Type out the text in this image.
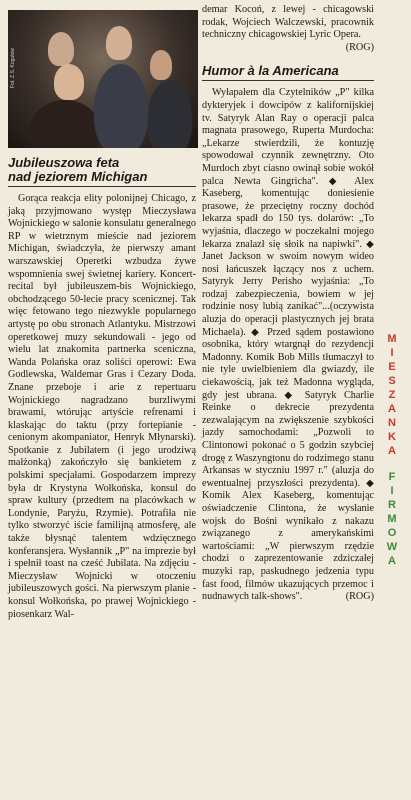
Fot. Z.S. Kogutow
Jubileuszowa feta
nad jeziorem Michigan

Gorąca reakcja elity polonijnej Chicago, z jaką przyjmowano występ Mieczysława Wojnickiego w salonie konsulatu generalnego RP w wietrznym mieście nad jeziorem Michigan, świadczyła, że pierwszy amant warszawskiej Operetki wzbudza żywe wspomnienia swej świetnej kariery. Koncert-recital był jubileuszem-bis Wojnickiego, obchodzącego 50-lecie pracy scenicznej. Tak więc fetowano tego niezwykle popularnego artystę po obu stronach Atlantyku. Mistrzowi operetkowej muzy sekundowali - jego od wielu lat znakomita partnerka sceniczna, Wanda Polańska oraz soliści operowi: Ewa Godlewska, Waldemar Gras i Cezary Doda. Znane przeboje i arie z repertuaru Wojnickiego nagradzano burzliwymi brawami, wtórując artyście refrenami i klaskając do taktu (przy fortepianie - cenionym akompaniator, Henryk Młynarski). Spotkanie z Jubilatem (i jego urodziwą małżonką) zakończyło się bankietem z polskimi specjałami. Gospodarzem imprezy była dr Krystyna Wołkońska, konsul do spraw kultury (przedtem na placówkach w Londynie, Paryżu, Rzymie). Potrafiła nie tylko stworzyć iście familijną atmosferę, ale także błysnąć talentem wdzięcznego konferansjera. Wysłannik „P" na imprezie był i spełnił toast na cześć Jubilata. Na zdjęciu - Mieczysław Wojnicki w otoczeniu jubileuszowych gości. Na pierwszym planie - konsul Wołkońska, po prawej Wojnickiego - piosenkarz Wal-

demar Kocoń, z lewej - chicagowski rodak, Wojciech Walczewski, pracownik techniczny chicagowskiej Lyric Opera.
(ROG)
Humor à la Americana

Wyłapałem dla Czytelników „P" kilka dykteryjek i dowcipów z kalifornijskiej tv. Satyryk Alan Ray o operacji palca magnata prasowego, Ruperta Murdocha: „Lekarze stwierdzili, że kontuzję spowodował czynnik zewnętrzny. Oto Murdoch zbyt ciasno owinął sobie wokół palca Newta Gingricha". ◆ Alex Kaseberg, komentując doniesienie prasowe, że przeciętny roczny dochód lekarza spadł do 150 tys. dolarów: „To wyjaśnia, dlaczego w poczekalni mojego lekarza znalazł się słoik na napiwki". ◆ Janet Jackson w swoim nowym wideo nosi łańcuszek łączący nos z uchem. Satyryk Jerry Perisho wyjaśnia: „To rodzaj zabezpieczenia, bowiem w jej rodzinie nosy lubią zanikać"...(oczywista aluzja do operacji plastycznych jej brata Michaela). ◆ Przed sądem postawiono osobnika, który wtargnął do rezydencji Madonny. Komik Bob Mills tłumaczył to nie tyle uwielbieniem dla gwiazdy, ile ciekawością, jak też Madonna wygląda, gdy jest ubrana. ◆ Satyryk Charlie Reinke o dekrecie prezydenta zezwalającym na zwiększenie szybkości jazdy samochodami: „Pozwoli to Clintonowi pokonać o 5 godzin szybciej drogę z Waszyngtonu do rodzimego stanu Arkansas w styczniu 1997 r." (aluzja do ewentualnej przyszłości prezydenta). ◆ Komik Alex Kaseberg, komentując oświadczenie Clintona, że wysłanie wojsk do Bośni wynikało z nakazu związanego z amerykańskimi wartościami: „W pierwszym rzędzie chodzi o zaprezentowanie zdziczałej muzyki rap, paskudnego jedzenia typu fast food, filmów ukazujących przemoc i nudnawych talk-shows".	(ROG)

M
I
E
S
Z
A
N
K
A
F
I
R
M
O
W
A
